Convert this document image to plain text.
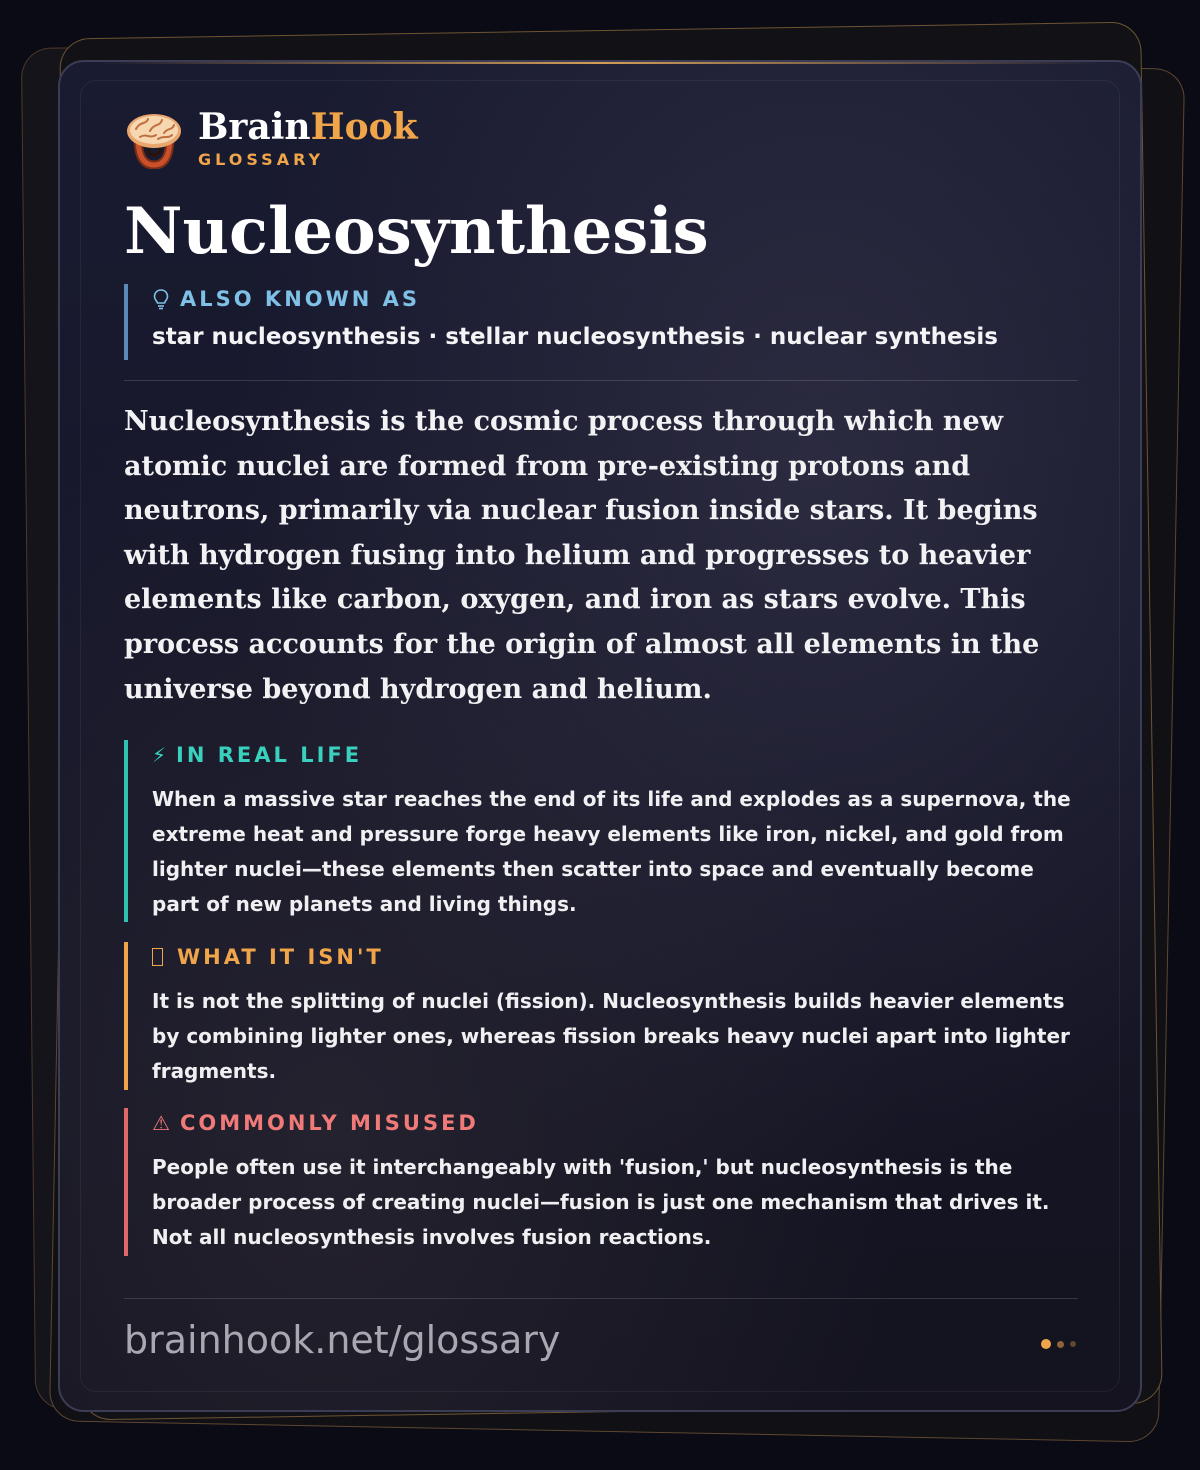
BrainHook
GLOSSARY
Nucleosynthesis
ALSO KNOWN AS
star nucleosynthesis · stellar nucleosynthesis · nuclear synthesis

Nucleosynthesis is the cosmic process through which new atomic nuclei are formed from pre-existing protons and neutrons, primarily via nuclear fusion inside stars. It begins with hydrogen fusing into helium and progresses to heavier elements like carbon, oxygen, and iron as stars evolve. This process accounts for the origin of almost all elements in the universe beyond hydrogen and helium.

⚡ IN REAL LIFE
When a massive star reaches the end of its life and explodes as a supernova, the extreme heat and pressure forge heavy elements like iron, nickel, and gold from lighter nuclei—these elements then scatter into space and eventually become part of new planets and living things.
WHAT IT ISN'T
It is not the splitting of nuclei (fission). Nucleosynthesis builds heavier elements by combining lighter ones, whereas fission breaks heavy nuclei apart into lighter fragments.
⚠ COMMONLY MISUSED
People often use it interchangeably with 'fusion,' but nucleosynthesis is the broader process of creating nuclei—fusion is just one mechanism that drives it. Not all nucleosynthesis involves fusion reactions.
brainhook.net/glossary
